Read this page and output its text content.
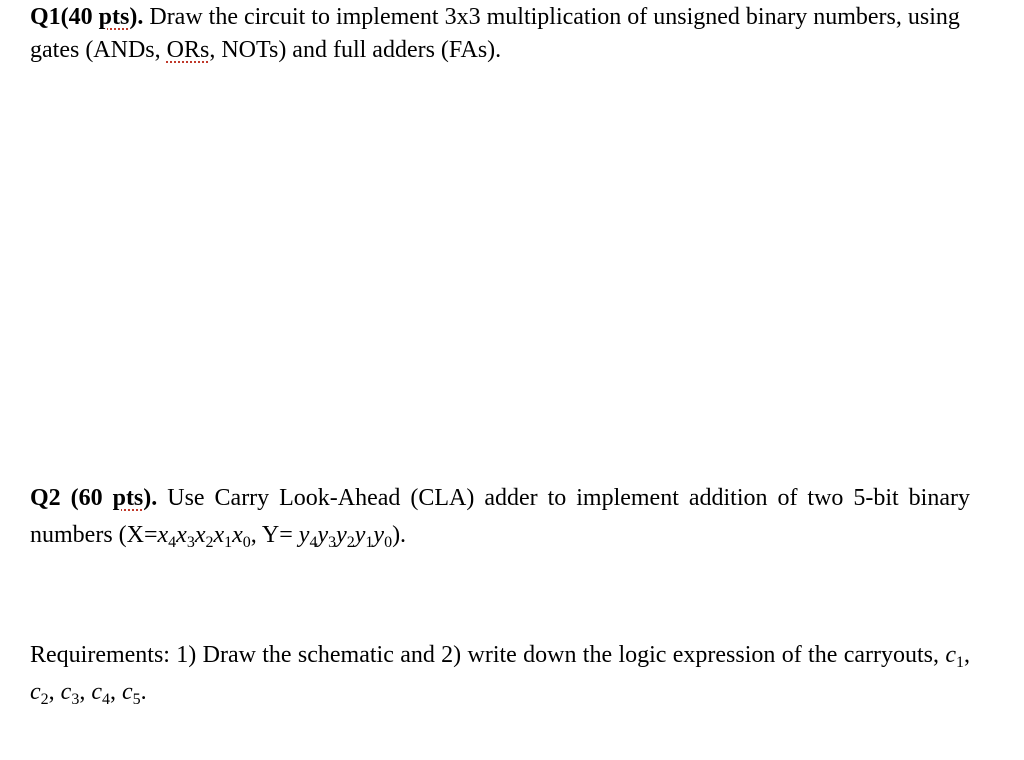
Q1(40 pts). Draw the circuit to implement 3x3 multiplication of unsigned binary numbers, using gates (ANDs, ORs, NOTs) and full adders (FAs).

Q2 (60 pts). Use Carry Look-Ahead (CLA) adder to implement addition of two 5-bit binary numbers ($X=x_4x_3x_2x_1x_0$, $Y= y_4y_3y_2y_1y_0$).

Requirements: 1) Draw the schematic and 2) write down the logic expression of the carryouts, $c_1$, $c_2$, $c_3$, $c_4$, $c_5$.
